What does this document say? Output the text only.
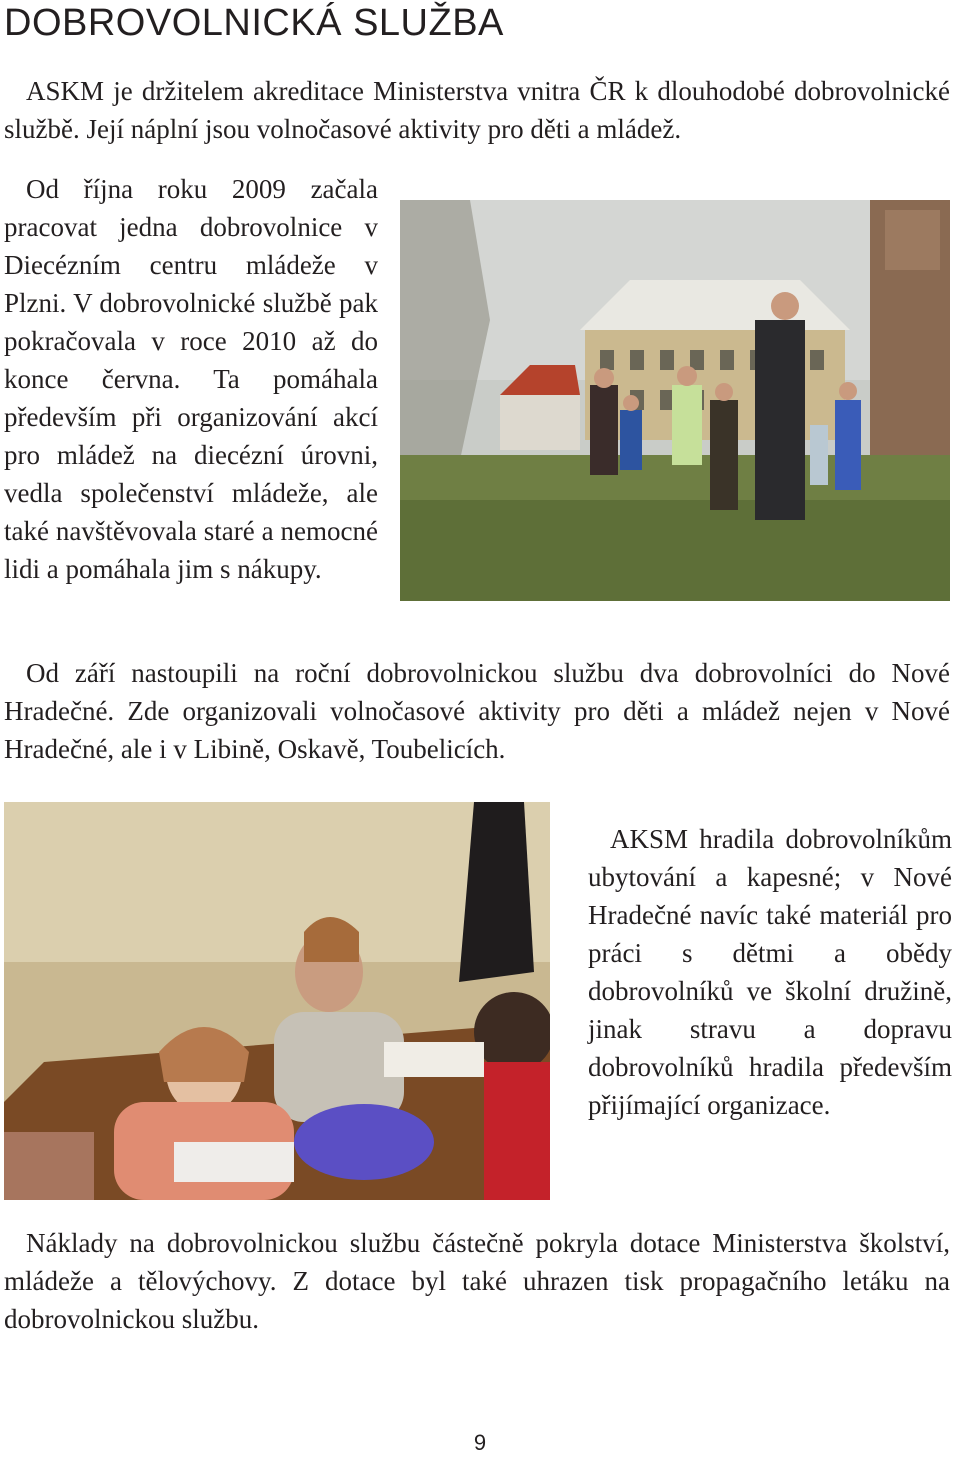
DOBROVOLNICKÁ SLUŽBA

ASKM je držitelem akreditace Ministerstva vnitra ČR k dlouhodobé dobrovolnické službě. Její náplní jsou volnočasové aktivity pro děti a mládež.

Od října roku 2009 začala pracovat jedna dobrovolnice v Diecézním centru mládeže v Plzni. V dobrovolnické službě pak pokračovala v roce 2010 až do konce června. Ta pomáhala především při organizování akcí pro mládež na diecézní úrovni, vedla společenství mládeže, ale také navštěvovala staré a nemocné lidi a pomáhala jim s nákupy.

Od září nastoupili na roční dobrovolnickou službu dva dobrovolníci do Nové Hradečné. Zde organizovali volnočasové aktivity pro děti a mládež nejen v Nové Hradečné, ale i v Libině, Oskavě, Toubelicích.

AKSM hradila dobrovolníkům ubytování a kapesné; v Nové Hradečné navíc také materiál pro práci s dětmi a obědy dobrovolníků ve školní družině, jinak stravu a dopravu dobrovolníků hradila především přijímající organizace.

Náklady na dobrovolnickou službu částečně pokryla dotace Ministerstva školství, mládeže a tělovýchovy. Z dotace byl také uhrazen tisk propagačního letáku na dobrovolnickou službu.

9
